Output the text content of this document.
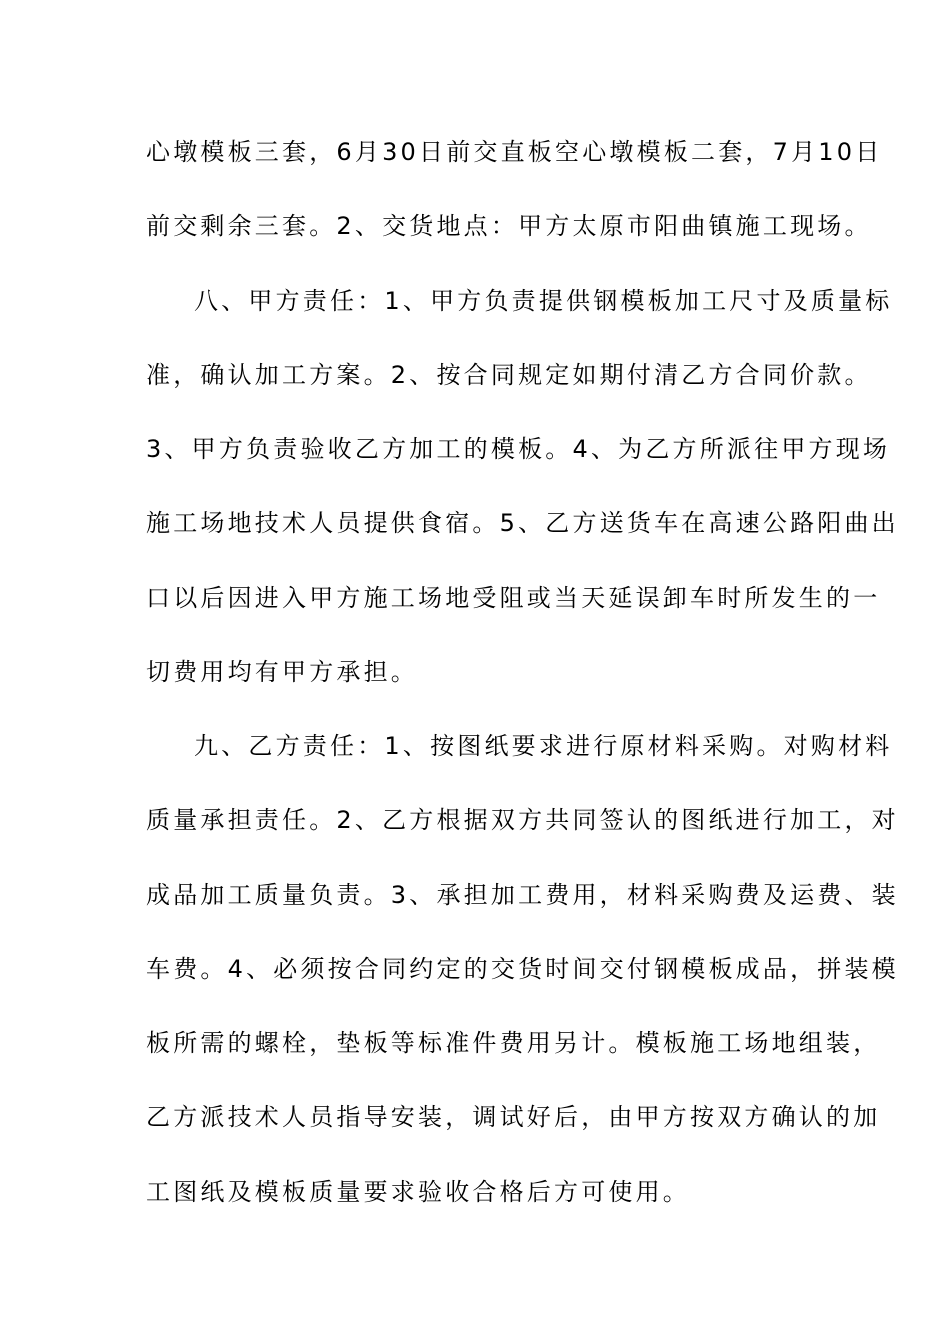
心墩模板三套，6月30日前交直板空心墩模板二套，7月10日
前交剩余三套。2、交货地点：甲方太原市阳曲镇施工现场。
八、甲方责任：1、甲方负责提供钢模板加工尺寸及质量标
准，确认加工方案。2、按合同规定如期付清乙方合同价款。
3、甲方负责验收乙方加工的模板。4、为乙方所派往甲方现场
施工场地技术人员提供食宿。5、乙方送货车在高速公路阳曲出
口以后因进入甲方施工场地受阻或当天延误卸车时所发生的一
切费用均有甲方承担。
九、乙方责任：1、按图纸要求进行原材料采购。对购材料
质量承担责任。2、乙方根据双方共同签认的图纸进行加工，对
成品加工质量负责。3、承担加工费用，材料采购费及运费、装
车费。4、必须按合同约定的交货时间交付钢模板成品，拼装模
板所需的螺栓，垫板等标准件费用另计。模板施工场地组装，
乙方派技术人员指导安装，调试好后，由甲方按双方确认的加
工图纸及模板质量要求验收合格后方可使用。
